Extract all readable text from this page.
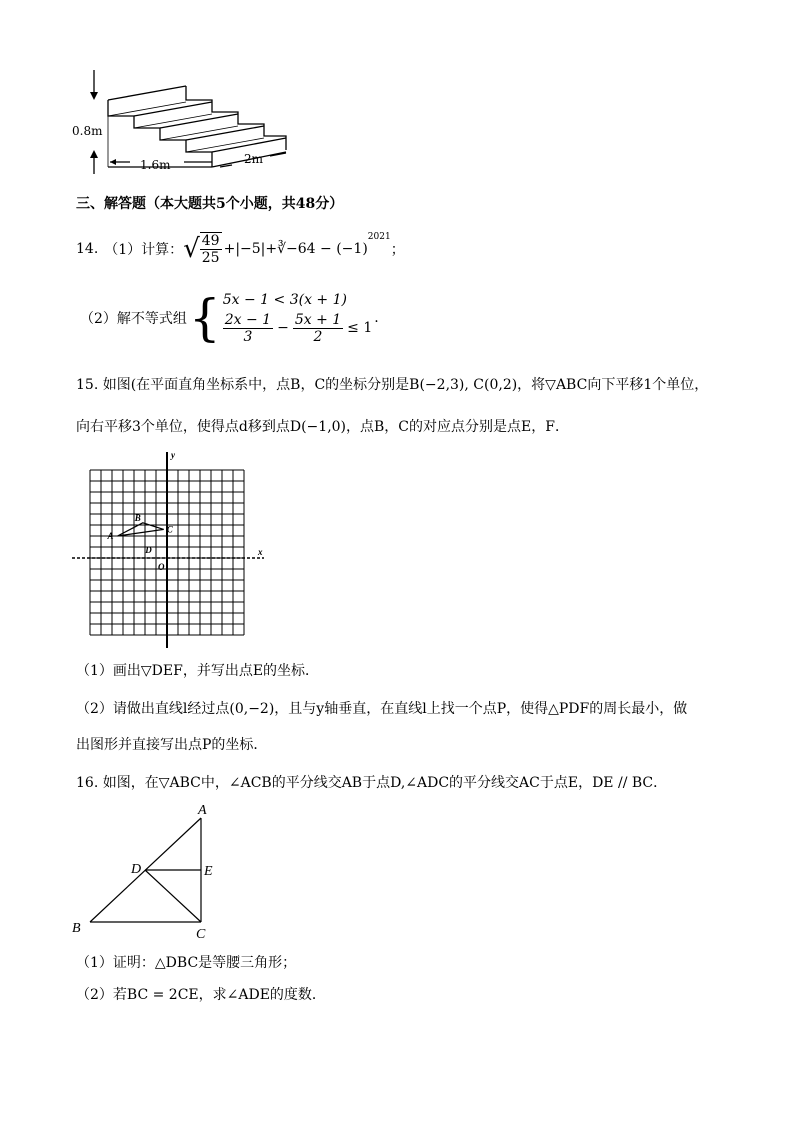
0.8m
1.6m	2m
三、解答题（本大题共5个小题，共48分）
14. （1）计算： √ $\frac{49}{25}$ +|−5|+∛−64 − (−1)
$^{2021}$
；
（2）解不等式组 { 5x − 1 < 3(x + 1)
$\frac{2x - 1}{3} - \frac{5x + 1}{2} \le 1$
.
15. 如图(在平面直角坐标系中，点B，C的坐标分别是B(−2,3), C(0,2)，将▽ABC向下平移1个单位，
向右平移3个单位，使得点d移到点D(−1,0)，点B，C的对应点分别是点E，F．
y
x
A
B
C
D
O
（1）画出▽DEF，并写出点E的坐标．
（2）请做出直线l经过点(0,−2)，且与y轴垂直，在直线l上找一个点P，使得△PDF的周长最小，做
出图形并直接写出点P的坐标．
16. 如图，在▽ABC中，∠ACB的平分线交AB于点D,∠ADC的平分线交AC于点E，DE // BC．
A
B	C
D	E
（1）证明：△DBC是等腰三角形；
（2）若BC = 2CE，求∠ADE的度数．
